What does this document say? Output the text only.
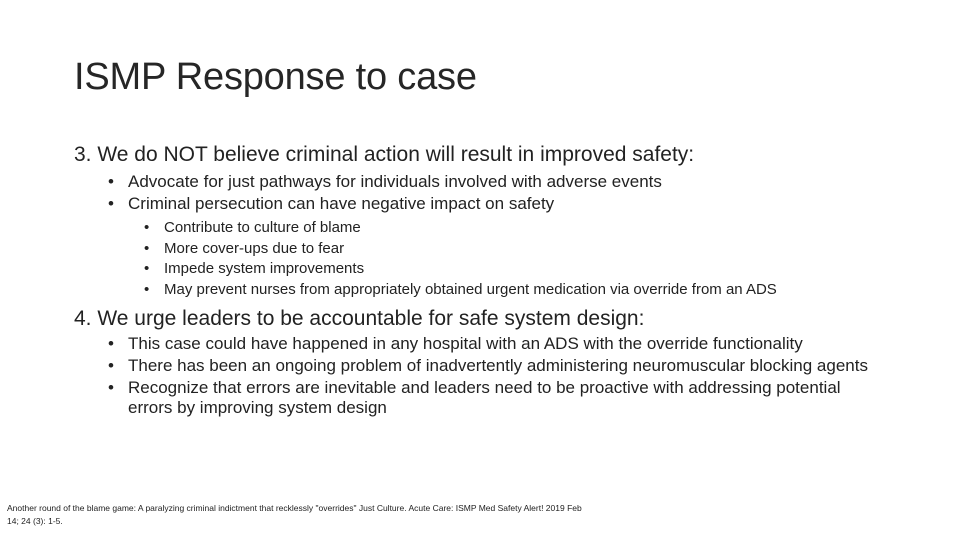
ISMP Response to case

3. We do NOT believe criminal action will result in improved safety:

• Advocate for just pathways for individuals involved with adverse events
• Criminal persecution can have negative impact on safety
• Contribute to culture of blame
• More cover-ups due to fear
• Impede system improvements
• May prevent nurses from appropriately obtained urgent medication via override from an ADS

4. We urge leaders to be accountable for safe system design:

• This case could have happened in any hospital with an ADS with the override functionality
• There has been an ongoing problem of inadvertently administering neuromuscular blocking agents
• Recognize that errors are inevitable and leaders need to be proactive with addressing potential errors by improving system design

Another round of the blame game: A paralyzing criminal indictment that recklessly "overrides" Just Culture. Acute Care: ISMP Med Safety Alert! 2019 Feb 14; 24 (3): 1-5.
